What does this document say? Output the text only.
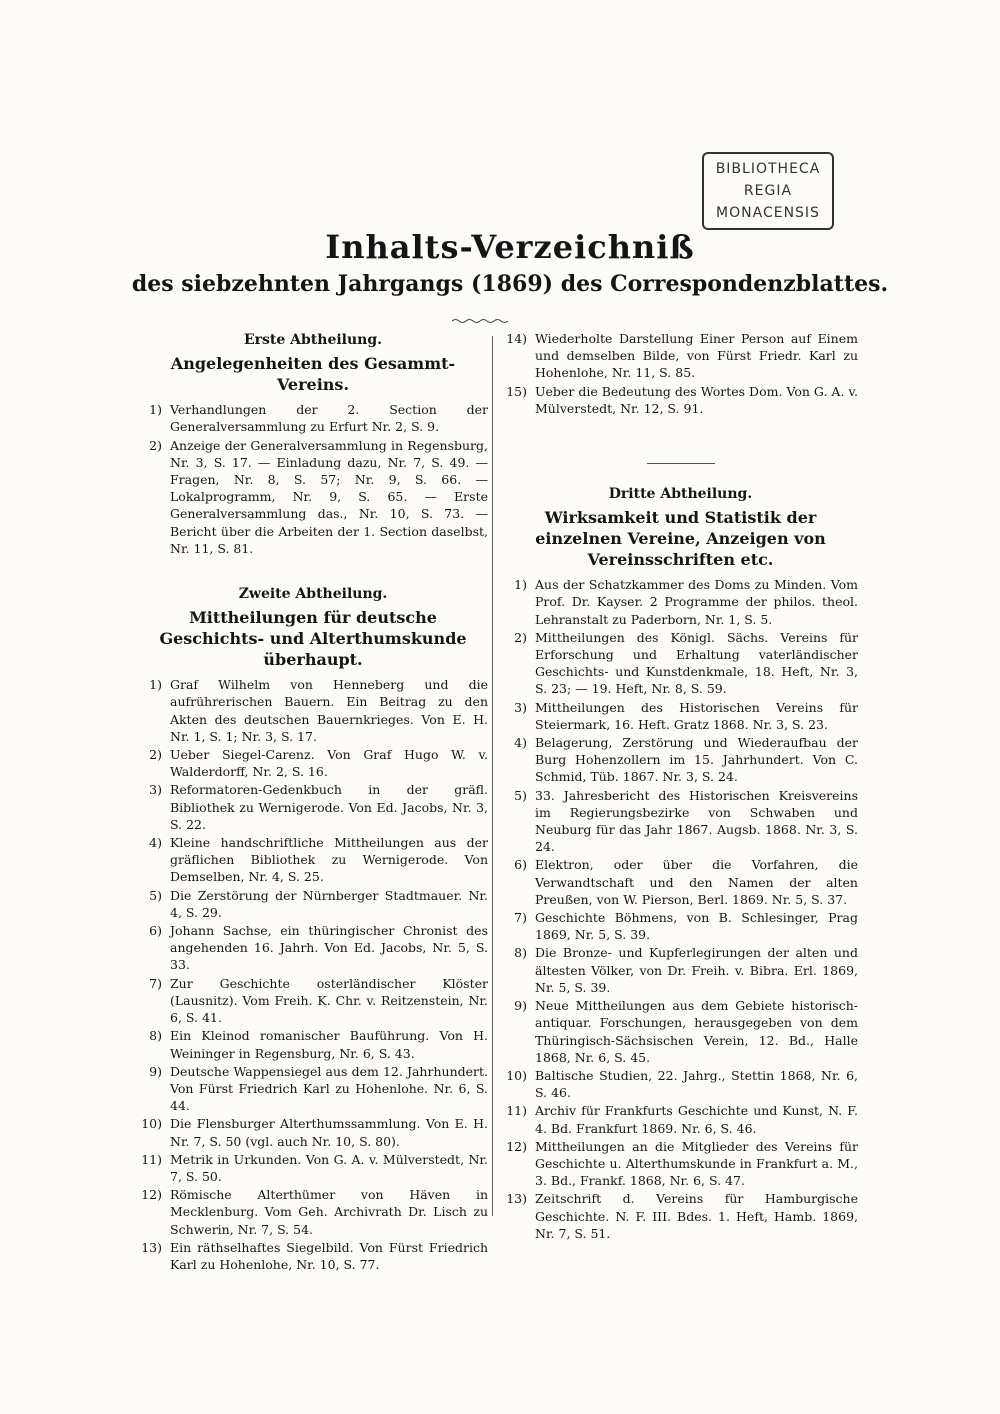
BIBLIOTHECA
REGIA
MONACENSIS
Inhalts-Verzeichniß
des siebzehnten Jahrgangs (1869) des Correspondenzblattes.
Erste Abtheilung.
Angelegenheiten des Gesammt-Vereins.
1) Verhandlungen der 2. Section der Generalversammlung zu Erfurt Nr. 2, S. 9.
2) Anzeige der Generalversammlung in Regensburg, Nr. 3, S. 17. — Einladung dazu, Nr. 7, S. 49. — Fragen, Nr. 8, S. 57; Nr. 9, S. 66. — Lokalprogramm, Nr. 9, S. 65. — Erste Generalversammlung das., Nr. 10, S. 73. — Bericht über die Arbeiten der 1. Section daselbst, Nr. 11, S. 81.
Zweite Abtheilung.
Mittheilungen für deutsche Geschichts- und Alterthumskunde überhaupt.
1) Graf Wilhelm von Henneberg und die aufrührerischen Bauern. Ein Beitrag zu den Akten des deutschen Bauernkrieges. Von E. H. Nr. 1, S. 1; Nr. 3, S. 17.
2) Ueber Siegel-Carenz. Von Graf Hugo W. v. Walderdorff, Nr. 2, S. 16.
3) Reformatoren-Gedenkbuch in der gräfl. Bibliothek zu Wernigerode. Von Ed. Jacobs, Nr. 3, S. 22.
4) Kleine handschriftliche Mittheilungen aus der gräflichen Bibliothek zu Wernigerode. Von Demselben, Nr. 4, S. 25.
5) Die Zerstörung der Nürnberger Stadtmauer. Nr. 4, S. 29.
6) Johann Sachse, ein thüringischer Chronist des angehenden 16. Jahrh. Von Ed. Jacobs, Nr. 5, S. 33.
7) Zur Geschichte osterländischer Klöster (Lausnitz). Vom Freih. K. Chr. v. Reitzenstein, Nr. 6, S. 41.
8) Ein Kleinod romanischer Bauführung. Von H. Weininger in Regensburg, Nr. 6, S. 43.
9) Deutsche Wappensiegel aus dem 12. Jahrhundert. Von Fürst Friedrich Karl zu Hohenlohe. Nr. 6, S. 44.
10) Die Flensburger Alterthumssammlung. Von E. H. Nr. 7, S. 50 (vgl. auch Nr. 10, S. 80).
11) Metrik in Urkunden. Von G. A. v. Mülverstedt, Nr. 7, S. 50.
12) Römische Alterthümer von Häven in Mecklenburg. Vom Geh. Archivrath Dr. Lisch zu Schwerin, Nr. 7, S. 54.
13) Ein räthselhaftes Siegelbild. Von Fürst Friedrich Karl zu Hohenlohe, Nr. 10, S. 77.
14) Wiederholte Darstellung Einer Person auf Einem und demselben Bilde, von Fürst Friedr. Karl zu Hohenlohe, Nr. 11, S. 85.
15) Ueber die Bedeutung des Wortes Dom. Von G. A. v. Mülverstedt, Nr. 12, S. 91.
Dritte Abtheilung.
Wirksamkeit und Statistik der einzelnen Vereine, Anzeigen von Vereinsschriften etc.
1) Aus der Schatzkammer des Doms zu Minden. Vom Prof. Dr. Kayser. 2 Programme der philos. theol. Lehranstalt zu Paderborn, Nr. 1, S. 5.
2) Mittheilungen des Königl. Sächs. Vereins für Erforschung und Erhaltung vaterländischer Geschichts- und Kunstdenkmale, 18. Heft, Nr. 3, S. 23; — 19. Heft, Nr. 8, S. 59.
3) Mittheilungen des Historischen Vereins für Steiermark, 16. Heft. Gratz 1868. Nr. 3, S. 23.
4) Belagerung, Zerstörung und Wiederaufbau der Burg Hohenzollern im 15. Jahrhundert. Von C. Schmid, Tüb. 1867. Nr. 3, S. 24.
5) 33. Jahresbericht des Historischen Kreisvereins im Regierungsbezirke von Schwaben und Neuburg für das Jahr 1867. Augsb. 1868. Nr. 3, S. 24.
6) Elektron, oder über die Vorfahren, die Verwandtschaft und den Namen der alten Preußen, von W. Pierson, Berl. 1869. Nr. 5, S. 37.
7) Geschichte Böhmens, von B. Schlesinger, Prag 1869, Nr. 5, S. 39.
8) Die Bronze- und Kupferlegirungen der alten und ältesten Völker, von Dr. Freih. v. Bibra. Erl. 1869, Nr. 5, S. 39.
9) Neue Mittheilungen aus dem Gebiete historisch-antiquar. Forschungen, herausgegeben von dem Thüringisch-Sächsischen Verein, 12. Bd., Halle 1868, Nr. 6, S. 45.
10) Baltische Studien, 22. Jahrg., Stettin 1868, Nr. 6, S. 46.
11) Archiv für Frankfurts Geschichte und Kunst, N. F. 4. Bd. Frankfurt 1869. Nr. 6, S. 46.
12) Mittheilungen an die Mitglieder des Vereins für Geschichte u. Alterthumskunde in Frankfurt a. M., 3. Bd., Frankf. 1868, Nr. 6, S. 47.
13) Zeitschrift d. Vereins für Hamburgische Geschichte. N. F. III. Bdes. 1. Heft, Hamb. 1869, Nr. 7, S. 51.
